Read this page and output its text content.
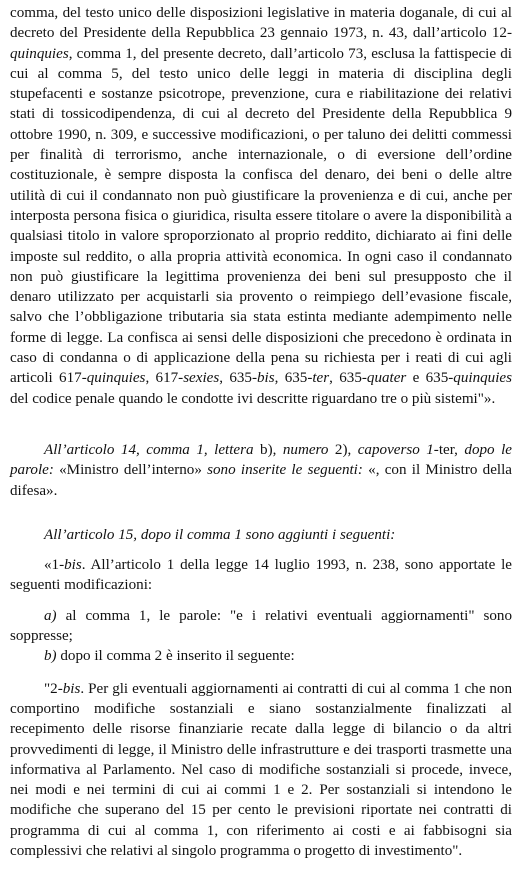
comma, del testo unico delle disposizioni legislative in materia doganale, di cui al decreto del Presidente della Repubblica 23 gennaio 1973, n. 43, dall’articolo 12-quinquies, comma 1, del presente decreto, dall’articolo 73, esclusa la fattispecie di cui al comma 5, del testo unico delle leggi in materia di disciplina degli stupefacenti e sostanze psicotrope, prevenzione, cura e riabilitazione dei relativi stati di tossicodipendenza, di cui al decreto del Presidente della Repubblica 9 ottobre 1990, n. 309, e successive modificazioni, o per taluno dei delitti commessi per finalità di terrorismo, anche internazionale, o di eversione dell’ordine costituzionale, è sempre disposta la confisca del denaro, dei beni o delle altre utilità di cui il condannato non può giustificare la provenienza e di cui, anche per interposta persona fisica o giuridica, risulta essere titolare o avere la disponibilità a qualsiasi titolo in valore sproporzionato al proprio reddito, dichiarato ai fini delle imposte sul reddito, o alla propria attività economica. In ogni caso il condannato non può giustificare la legittima provenienza dei beni sul presupposto che il denaro utilizzato per acquistarli sia provento o reimpiego dell’evasione fiscale, salvo che l’obbligazione tributaria sia stata estinta mediante adempimento nelle forme di legge. La confisca ai sensi delle disposizioni che precedono è ordinata in caso di condanna o di applicazione della pena su richiesta per i reati di cui agli articoli 617-quinquies, 617-sexies, 635-bis, 635-ter, 635-quater e 635-quinquies del codice penale quando le condotte ivi descritte riguardano tre o più sistemi"».

All’articolo 14, comma 1, lettera b), numero 2), capoverso 1-ter, dopo le parole: «Ministro dell’interno» sono inserite le seguenti: «, con il Ministro della difesa».

All’articolo 15, dopo il comma 1 sono aggiunti i seguenti:

«1-bis. All’articolo 1 della legge 14 luglio 1993, n. 238, sono apportate le seguenti modificazioni:

a) al comma 1, le parole: "e i relativi eventuali aggiornamenti" sono soppresse;

b) dopo il comma 2 è inserito il seguente:

"2-bis. Per gli eventuali aggiornamenti ai contratti di cui al comma 1 che non comportino modifiche sostanziali e siano sostanzialmente finalizzati al recepimento delle risorse finanziarie recate dalla legge di bilancio o da altri provvedimenti di legge, il Ministro delle infrastrutture e dei trasporti trasmette una informativa al Parlamento. Nel caso di modifiche sostanziali si procede, invece, nei modi e nei termini di cui ai commi 1 e 2. Per sostanziali si intendono le modifiche che superano del 15 per cento le previsioni riportate nei contratti di programma di cui al comma 1, con riferimento ai costi e ai fabbisogni sia complessivi che relativi al singolo programma o progetto di investimento".
